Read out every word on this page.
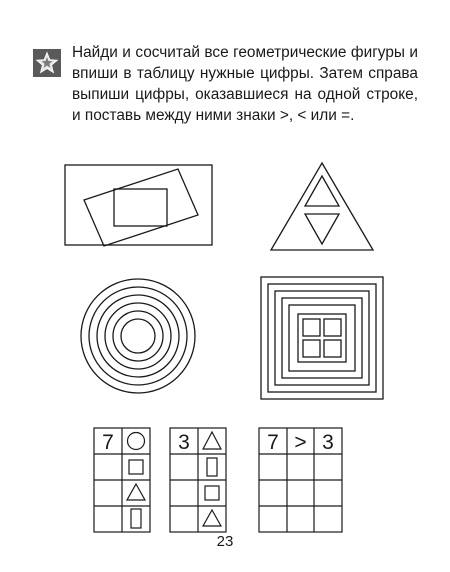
Найди и сосчитай все геометрические фигуры и впиши в таблицу нужные цифры. Затем справа выпиши цифры, оказавшиеся на одной строке, и поставь между ними знаки >, < или =.

7	3	7 > 3
23
